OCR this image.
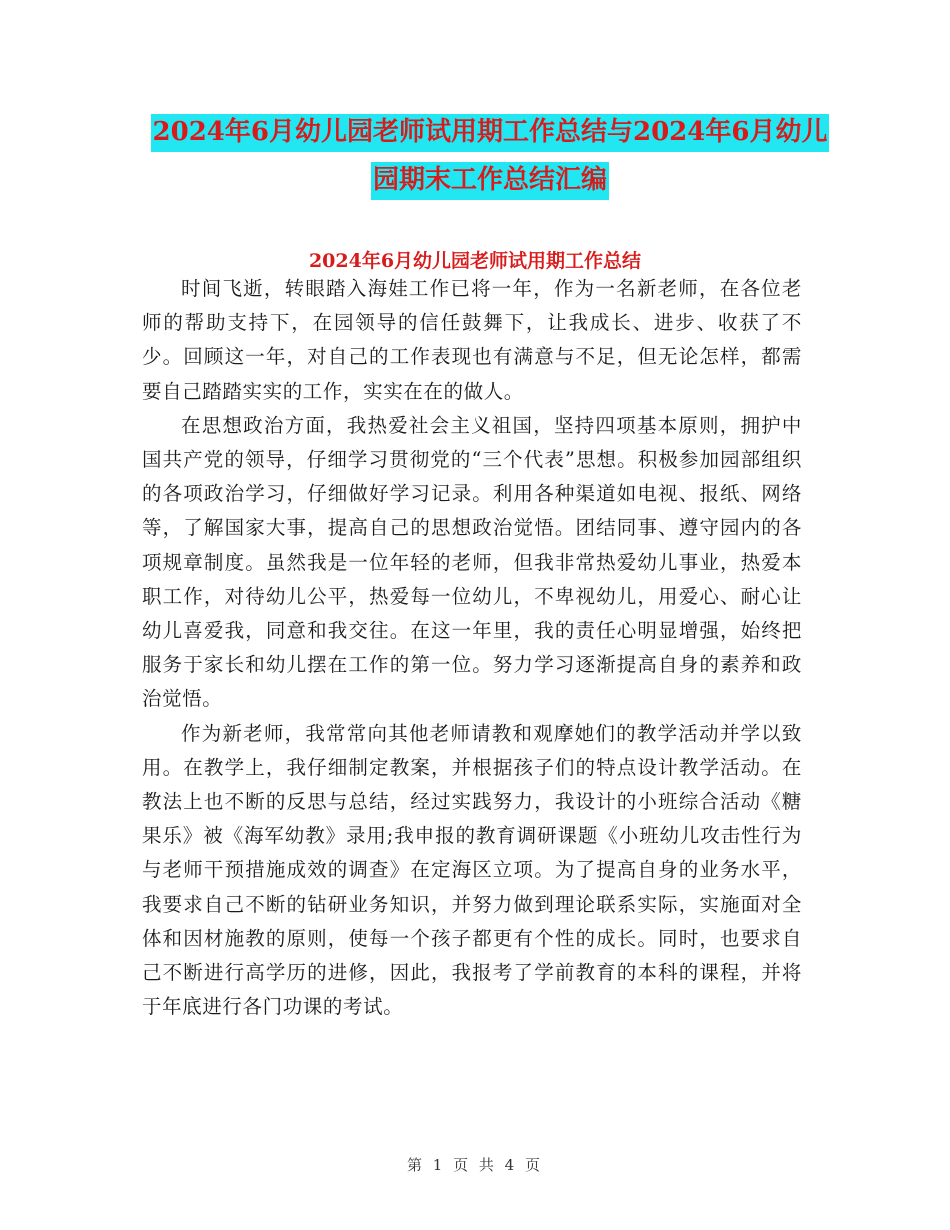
2024年6月幼儿园老师试用期工作总结与2024年6月幼儿园期末工作总结汇编
2024年6月幼儿园老师试用期工作总结

时间飞逝，转眼踏入海娃工作已将一年，作为一名新老师，在各位老师的帮助支持下，在园领导的信任鼓舞下，让我成长、进步、收获了不少。回顾这一年，对自己的工作表现也有满意与不足，但无论怎样，都需要自己踏踏实实的工作，实实在在的做人。

在思想政治方面，我热爱社会主义祖国，坚持四项基本原则，拥护中国共产党的领导，仔细学习贯彻党的“三个代表”思想。积极参加园部组织的各项政治学习，仔细做好学习记录。利用各种渠道如电视、报纸、网络等，了解国家大事，提高自己的思想政治觉悟。团结同事、遵守园内的各项规章制度。虽然我是一位年轻的老师，但我非常热爱幼儿事业，热爱本职工作，对待幼儿公平，热爱每一位幼儿，不卑视幼儿，用爱心、耐心让幼儿喜爱我，同意和我交往。在这一年里，我的责任心明显增强，始终把服务于家长和幼儿摆在工作的第一位。努力学习逐渐提高自身的素养和政治觉悟。

作为新老师，我常常向其他老师请教和观摩她们的教学活动并学以致用。在教学上，我仔细制定教案，并根据孩子们的特点设计教学活动。在教法上也不断的反思与总结，经过实践努力，我设计的小班综合活动《糖果乐》被《海军幼教》录用;我申报的教育调研课题《小班幼儿攻击性行为与老师干预措施成效的调查》在定海区立项。为了提高自身的业务水平，我要求自己不断的钻研业务知识，并努力做到理论联系实际，实施面对全体和因材施教的原则，使每一个孩子都更有个性的成长。同时，也要求自己不断进行高学历的进修，因此，我报考了学前教育的本科的课程，并将于年底进行各门功课的考试。

第 1 页 共 4 页
